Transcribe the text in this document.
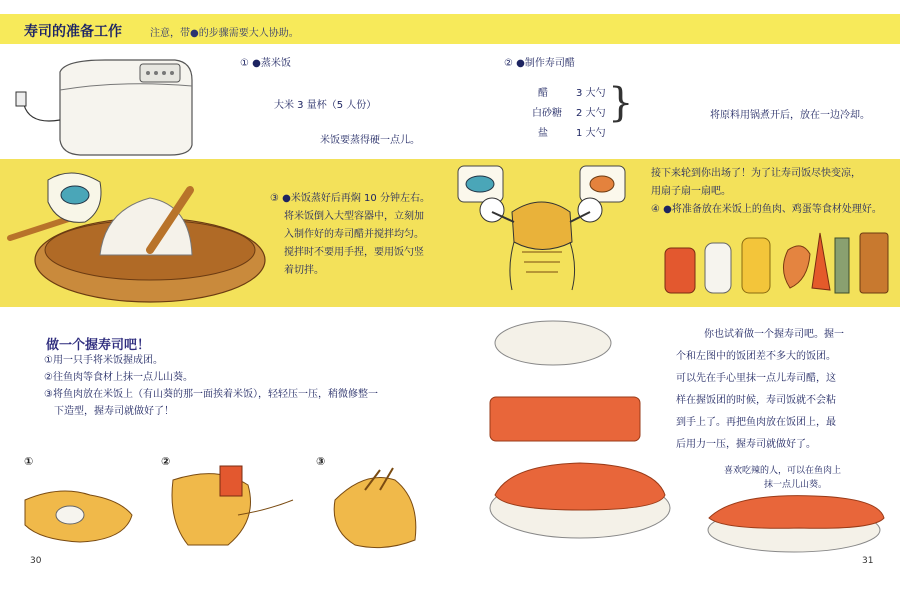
寿司的准备工作	注意，带●的步骤需要大人协助。
① ●蒸米饭
大米 3 量杯（5 人份）
米饭要蒸得硬一点儿。
② ●制作寿司醋
醋	3 大勺
白砂糖 2 大勺
盐	1 大勺
}	将原料用锅煮开后，放在一边冷却。
③ ●米饭蒸好后再焖 10 分钟左右。
将米饭倒入大型容器中，立刻加
入制作好的寿司醋并搅拌均匀。
搅拌时不要用手捏，要用饭勺竖
着切拌。
接下来轮到你出场了！为了让寿司饭尽快变凉，
用扇子扇一扇吧。
④ ●将准备放在米饭上的鱼肉、鸡蛋等食材处理好。
做一个握寿司吧！
①用一只手将米饭握成团。
②往鱼肉等食材上抹一点儿山葵。
③将鱼肉放在米饭上（有山葵的那一面挨着米饭），轻轻压一压，稍微修整一
下造型，握寿司就做好了！
①	②	③
你也试着做一个握寿司吧。握一
个和左图中的饭团差不多大的饭团。
可以先在手心里抹一点儿寿司醋，这
样在握饭团的时候，寿司饭就不会粘
到手上了。再把鱼肉放在饭团上，最
后用力一压，握寿司就做好了。
喜欢吃辣的人，可以在鱼肉上
抹一点儿山葵。
30	31
